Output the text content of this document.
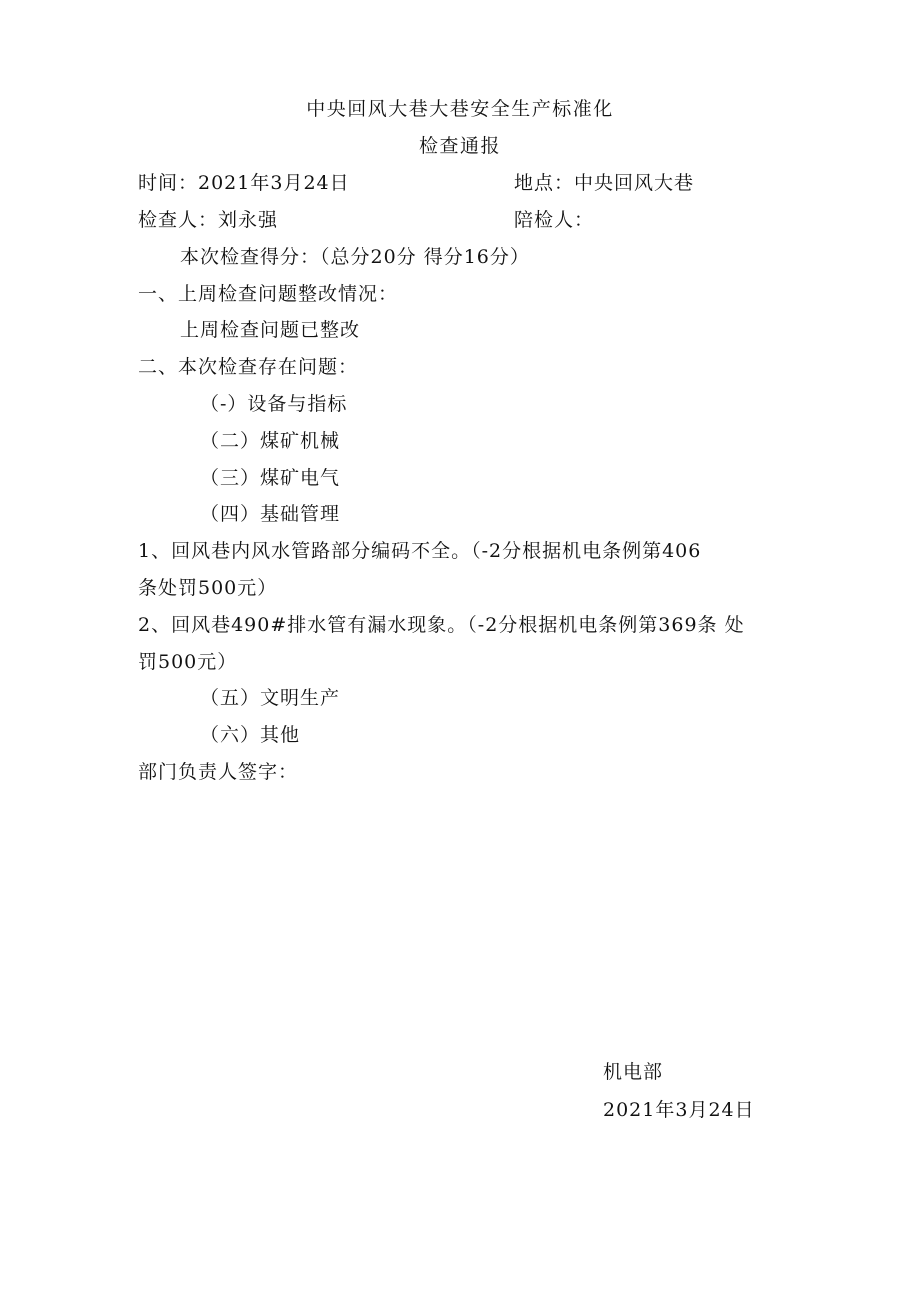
中央回风大巷大巷安全生产标准化
检查通报
时间：2021年3月24日	地点：中央回风大巷
检查人：刘永强	陪检人：
本次检查得分：（总分20分 得分16分）
一、上周检查问题整改情况：
上周检查问题已整改
二、本次检查存在问题：
（-）设备与指标
（二）煤矿机械
（三）煤矿电气
（四）基础管理
1、回风巷内风水管路部分编码不全。（-2分根据机电条例第406
条处罚500元）
2、回风巷490#排水管有漏水现象。（-2分根据机电条例第369条 处
罚500元）
（五）文明生产
（六）其他
部门负责人签字：
机电部
2021年3月24日
